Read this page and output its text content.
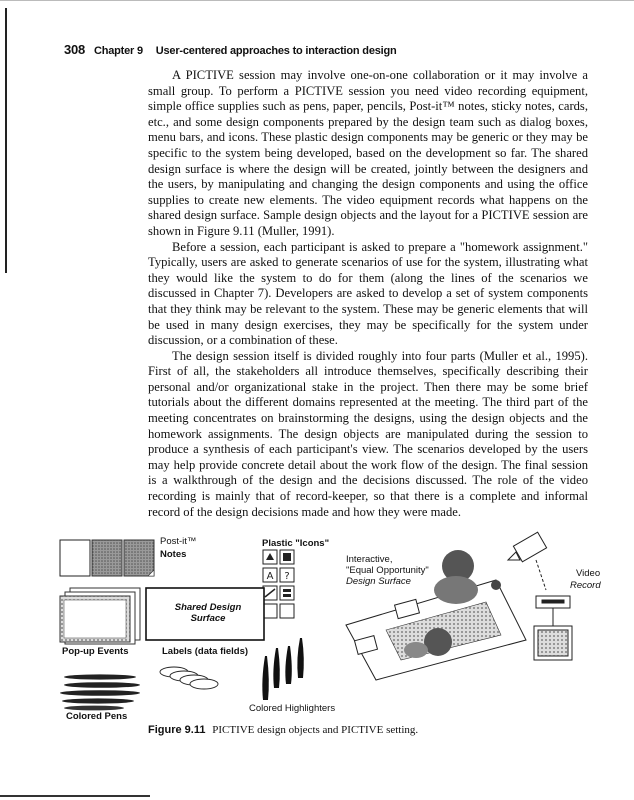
308 Chapter 9 User-centered approaches to interaction design

A PICTIVE session may involve one-on-one collaboration or it may involve a small group. To perform a PICTIVE session you need video recording equipment, simple office supplies such as pens, paper, pencils, Post-it™ notes, sticky notes, cards, etc., and some design components prepared by the design team such as dialog boxes, menu bars, and icons. These plastic design components may be generic or they may be specific to the system being developed, based on the development so far. The shared design surface is where the design will be created, jointly between the designers and the users, by manipulating and changing the design components and using the office supplies to create new elements. The video equipment records what happens on the shared design surface. Sample design objects and the layout for a PICTIVE session are shown in Figure 9.11 (Muller, 1991).

Before a session, each participant is asked to prepare a "homework assignment." Typically, users are asked to generate scenarios of use for the system, illustrating what they would like the system to do for them (along the lines of the scenarios we discussed in Chapter 7). Developers are asked to develop a set of system components that they think may be relevant to the system. These may be generic elements that will be used in many design exercises, they may be specifically for the system under discussion, or a combination of these.

The design session itself is divided roughly into four parts (Muller et al., 1995). First of all, the stakeholders all introduce themselves, specifically describing their personal and/or organizational stake in the project. Then there may be some brief tutorials about the different domains represented at the meeting. The third part of the meeting concentrates on brainstorming the designs, using the design objects and the homework assignments. The design objects are manipulated during the session to produce a synthesis of each participant's view. The scenarios developed by the users may help provide concrete detail about the work flow of the design. The final session is a walkthrough of the design and the decisions discussed. The role of the video recording is mainly that of record-keeper, so that there is a complete and informal record of the design decisions made and how they were made.

A ?
Post-it™
Notes
Plastic "Icons"
Shared Design
Surface
Pop-up Events	Labels (data fields)
Colored Pens
Colored Highlighters
Interactive,
"Equal Opportunity"
Design Surface
Video
Record
Figure 9.11 PICTIVE design objects and PICTIVE setting.
